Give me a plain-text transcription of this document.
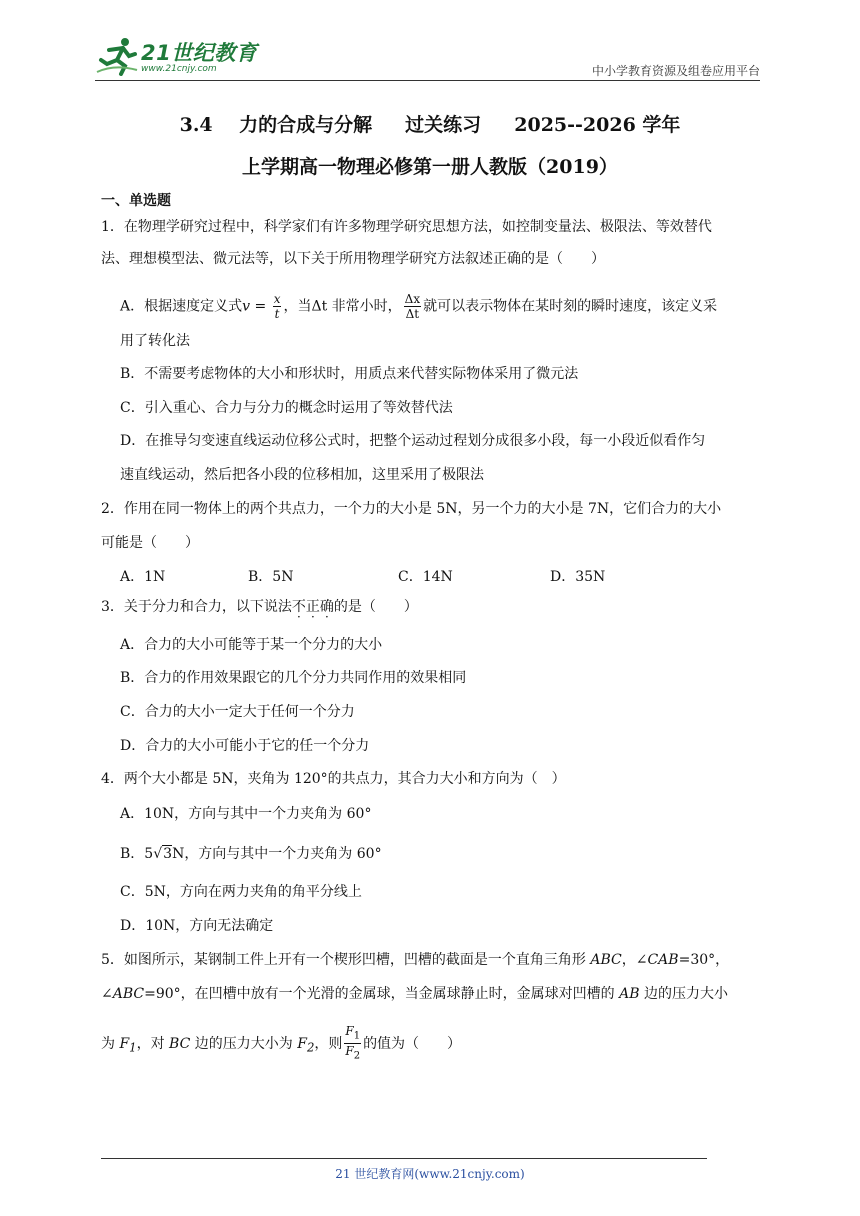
21世纪教育
www.21cnjy.com	中小学教育资源及组卷应用平台
3.4    力的合成与分解     过关练习     2025--2026 学年
上学期高一物理必修第一册人教版（2019）
一、单选题
1．在物理学研究过程中，科学家们有许多物理学研究思想方法，如控制变量法、极限法、等效替代
法、理想模型法、微元法等，以下关于所用物理学研究方法叙述正确的是（　　）
A．根据速度定义式$v = \frac{x}{t}$ ，当Δt 非常小时， $\frac{\Delta x}{\Delta t}$ 就可以表示物体在某时刻的瞬时速度，该定义采
用了转化法
B．不需要考虑物体的大小和形状时，用质点来代替实际物体采用了微元法
C．引入重心、合力与分力的概念时运用了等效替代法
D．在推导匀变速直线运动位移公式时，把整个运动过程划分成很多小段，每一小段近似看作匀
速直线运动，然后把各小段的位移相加，这里采用了极限法
2．作用在同一物体上的两个共点力，一个力的大小是 5N，另一个力的大小是 7N，它们合力的大小
可能是（　　）
A．1N	B．5N	C．14N	D．35N
3．关于分力和合力，以下说法不正确的是（　　）
A．合力的大小可能等于某一个分力的大小
B．合力的作用效果跟它的几个分力共同作用的效果相同
C．合力的大小一定大于任何一个分力
D．合力的大小可能小于它的任一个分力
4．两个大小都是 5N，夹角为 120°的共点力，其合力大小和方向为（　）
A．10N，方向与其中一个力夹角为 60°
B．5√3N，方向与其中一个力夹角为 60°
C．5N，方向在两力夹角的角平分线上
D．10N，方向无法确定
5．如图所示，某钢制工件上开有一个楔形凹槽，凹槽的截面是一个直角三角形 ABC，∠CAB=30°，
∠ABC=90°，在凹槽中放有一个光滑的金属球，当金属球静止时，金属球对凹槽的 AB 边的压力大小
为 $F_1$，对 BC 边的压力大小为 $F_2$，则 $\frac{F_1}{F_2}$ 的值为（　　）
21 世纪教育网(www.21cnjy.com)
